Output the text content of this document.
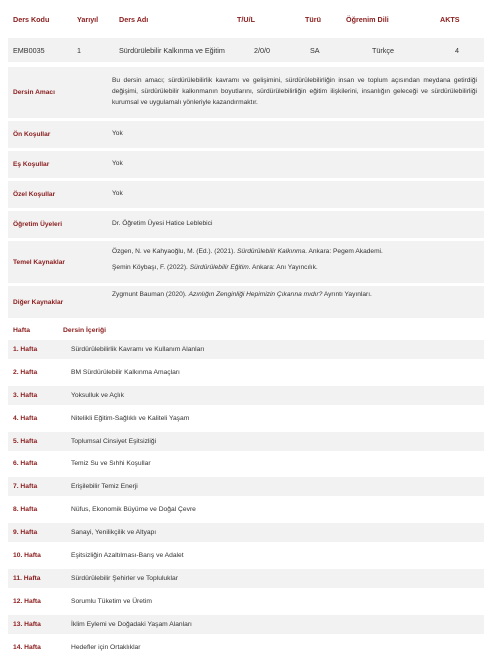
Ders Kodu	Yarıyıl	Ders Adı	T/U/L	Türü	Öğrenim Dili	AKTS
EMB0035	1	Sürdürülebilir Kalkınma ve Eğitim	2/0/0	SA	Türkçe	4
Dersin Amacı	Bu dersin amacı; sürdürülebilirlik kavramı ve gelişimini, sürdürülebilirliğin insan ve toplum açısından meydana getirdiği değişimi, sürdürülebilir kalkınmanın boyutlarını, sürdürülebilirliğin eğitim ilişkilerini, insanlığın geleceği ve sürdürülebilirliği kurumsal ve uygulamalı yönleriyle kazandırmaktır.
Ön Koşullar	Yok
Eş Koşullar	Yok
Özel Koşullar	Yok
Öğretim Üyeleri	Dr. Öğretim Üyesi Hatice Leblebici
Temel Kaynaklar	Özgen, N. ve Kahyaoğlu, M. (Ed.). (2021). Sürdürülebilir Kalkınma. Ankara: Pegem Akademi.
Şemin Köybaşı, F. (2022). Sürdürülebilir Eğitim. Ankara: Anı Yayıncılık.

Diğer Kaynaklar	Zygmunt Bauman (2020). Azınlığın Zenginliği Hepimizin Çıkarına mıdır? Ayrıntı Yayınları.
Hafta	Dersin İçeriği
1. Hafta	Sürdürülebilirlik Kavramı ve Kullanım Alanları
2. Hafta	BM Sürdürülebilir Kalkınma Amaçları
3. Hafta	Yoksulluk ve Açlık
4. Hafta	Nitelikli Eğitim-Sağlıklı ve Kaliteli Yaşam
5. Hafta	Toplumsal Cinsiyet Eşitsizliği
6. Hafta	Temiz Su ve Sıhhi Koşullar
7. Hafta	Erişilebilir Temiz Enerji
8. Hafta	Nüfus, Ekonomik Büyüme ve Doğal Çevre
9. Hafta	Sanayi, Yenilikçilik ve Altyapı
10. Hafta	Eşitsizliğin Azaltılması-Barış ve Adalet
11. Hafta	Sürdürülebilir Şehirler ve Topluluklar
12. Hafta	Sorumlu Tüketim ve Üretim
13. Hafta	İklim Eylemi ve Doğadaki Yaşam Alanları
14. Hafta	Hedefler için Ortaklıklar
